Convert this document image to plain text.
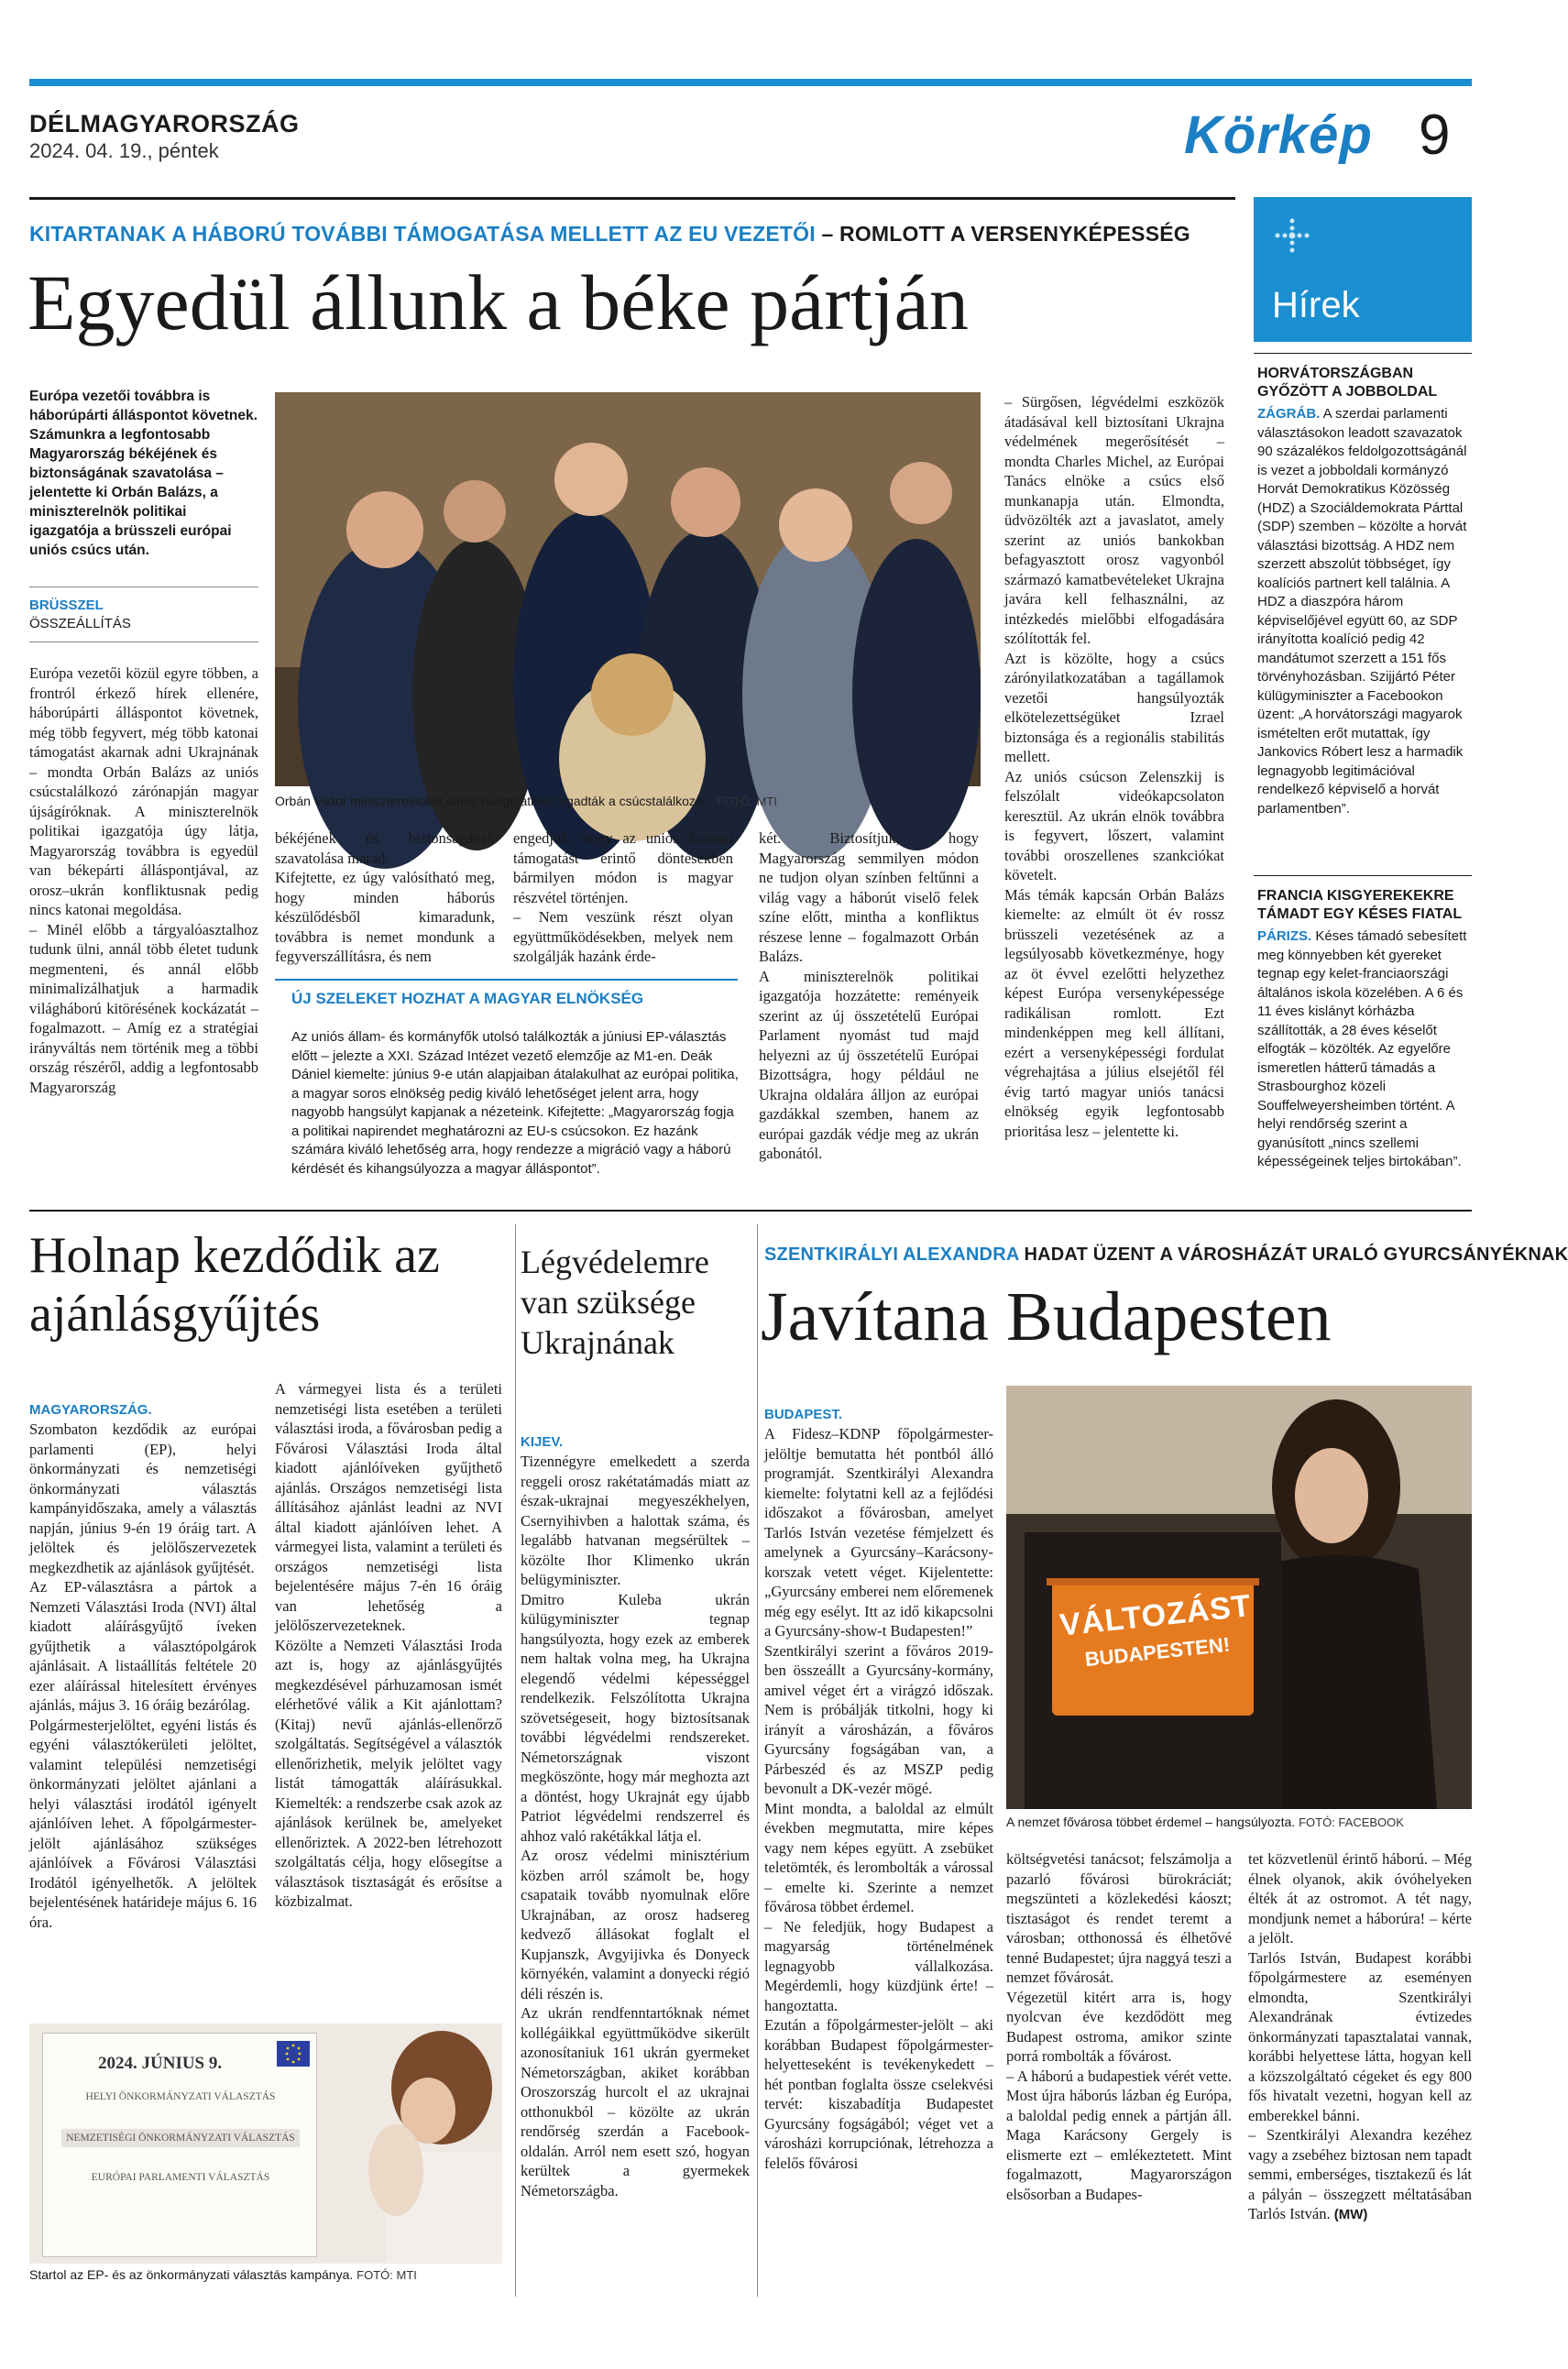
DÉLMAGYARORSZÁG
2024. 04. 19., péntek	Körkép 9
Hírek
HORVÁTORSZÁGBAN GYŐZÖTT A JOBBOLDAL
ZÁGRÁB. A szerdai parlamenti választásokon leadott szavazatok 90 százalékos feldolgozottságánál is vezet a jobboldali kormányzó Horvát Demokratikus Közösség (HDZ) a Szociáldemokrata Párttal (SDP) szemben – közölte a horvát választási bizottság. A HDZ nem szerzett abszolút többséget, így koalíciós partnert kell találnia. A HDZ a diaszpóra három képviselőjével együtt 60, az SDP irányította koalíció pedig 42 mandátumot szerzett a 151 fős törvényhozásban. Szijjártó Péter külügyminiszter a Facebookon üzent: „A horvátországi magyarok ismételten erőt mutattak, így Jankovics Róbert lesz a harmadik legnagyobb legitimációval rendelkező képviselő a horvát parlamentben”.
FRANCIA KISGYEREKEKRE TÁMADT EGY KÉSES FIATAL
PÁRIZS. Késes támadó sebesített meg könnyebben két gyereket tegnap egy kelet-franciaországi általános iskola közelében. A 6 és 11 éves kislányt kórházba szállították, a 28 éves késelőt elfogták – közölték. Az egyelőre ismeretlen hátterű támadás a Strasbourghoz közeli Souffelweyersheimben történt. A helyi rendőrség szerint a gyanúsított „nincs szellemi képességeinek teljes birtokában”.
KITARTANAK A HÁBORÚ TOVÁBBI TÁMOGATÁSA MELLETT AZ EU VEZETŐI – ROMLOTT A VERSENYKÉPESSÉG
Egyedül állunk a béke pártján
Európa vezetői továbbra is háborúpárti álláspontot követnek. Számunkra a legfontosabb Magyarország békéjének és biztonságának szavatolása – jelentette ki Orbán Balázs, a miniszterelnök politikai igazgatója a brüsszeli európai uniós csúcs után.
BRÜSSZEL
ÖSSZEÁLLÍTÁS
Európa vezetői közül egyre többen, a frontról érkező hírek ellenére, háborúpárti álláspontot követnek, még több fegyvert, még több katonai támogatást akarnak adni Ukrajnának – mondta Orbán Balázs az uniós csúcstalálkozó zárónapján magyar újságíróknak. A miniszterelnök politikai igazgatója úgy látja, Magyarország továbbra is egyedül van békepárti álláspontjával, az orosz–ukrán konfliktusnak pedig nincs katonai megoldása.
– Minél előbb a tárgyalóasztalhoz tudunk ülni, annál több életet tudunk megmenteni, és annál előbb minimalizálhatjuk a harmadik világháború kitörésének kockázatát – fogalmazott. – Amíg ez a stratégiai irányváltás nem történik meg a többi ország részéről, addig a legfontosabb Magyarország
Orbán Viktor miniszterelnököt oldott hangulatban fogadták a csúcstalálkozón. FOTÓ: MTI
békéjének és biztonságának szavatolása marad.
Kifejtette, ez úgy valósítható meg, hogy minden háborús készülődésből kimaradunk, továbbra is nemet mondunk a fegyverszállításra, és nem
engedjük, hogy az uniós katonai támogatást érintő döntésekben bármilyen módon is magyar részvétel történjen.
– Nem veszünk részt olyan együttműködésekben, melyek nem szolgálják hazánk érde-
két. Biztosítjuk, hogy Magyarország semmilyen módon ne tudjon olyan színben feltűnni a világ vagy a háborút viselő felek színe előtt, mintha a konfliktus részese lenne – fogalmazott Orbán Balázs.
A miniszterelnök politikai igazgatója hozzátette: reményeik szerint az új összetételű Európai Parlament nyomást tud majd helyezni az új összetételű Európai Bizottságra, hogy például ne Ukrajna oldalára álljon az európai gazdákkal szemben, hanem az európai gazdák védje meg az ukrán gabonától.
– Sürgősen, légvédelmi eszközök átadásával kell biztosítani Ukrajna védelmének megerősítését – mondta Charles Michel, az Európai Tanács elnöke a csúcs első munkanapja után. Elmondta, üdvözölték azt a javaslatot, amely szerint az uniós bankokban befagyasztott orosz vagyonból származó kamatbevételeket Ukrajna javára kell felhasználni, az intézkedés mielőbbi elfogadására szólították fel.
Azt is közölte, hogy a csúcs zárónyilatkozatában a tagállamok vezetői hangsúlyozták elkötelezettségüket Izrael biztonsága és a regionális stabilitás mellett.
Az uniós csúcson Zelenszkij is felszólalt videókapcsolaton keresztül. Az ukrán elnök továbbra is fegyvert, lőszert, valamint további oroszellenes szankciókat követelt.
Más témák kapcsán Orbán Balázs kiemelte: az elmúlt öt év rossz brüsszeli vezetésének az a legsúlyosabb következménye, hogy az öt évvel ezelőtti helyzethez képest Európa versenyképessége radikálisan romlott. Ezt mindenképpen meg kell állítani, ezért a versenyképességi fordulat végrehajtása a július elsejétől fél évig tartó magyar uniós tanácsi elnökség egyik legfontosabb prioritása lesz – jelentette ki.
ÚJ SZELEKET HOZHAT A MAGYAR ELNÖKSÉG
Az uniós állam- és kormányfők utolsó találkozták a júniusi EP-választás előtt – jelezte a XXI. Század Intézet vezető elemzője az M1-en. Deák Dániel kiemelte: június 9-e után alapjaiban átalakulhat az európai politika, a magyar soros elnökség pedig kiváló lehetőséget jelent arra, hogy nagyobb hangsúlyt kapjanak a nézeteink. Kifejtette: „Magyarország fogja a politikai napirendet meghatározni az EU-s csúcsokon. Ez hazánk számára kiváló lehetőség arra, hogy rendezze a migráció vagy a háború kérdését és kihangsúlyozza a magyar álláspontot”.
Holnap kezdődik az ajánlásgyűjtés

MAGYARORSZÁG.
Szombaton kezdődik az európai parlamenti (EP), helyi önkormányzati és nemzetiségi önkormányzati választás kampányidőszaka, amely a választás napján, június 9-én 19 óráig tart. A jelöltek és jelölőszervezetek megkezdhetik az ajánlások gyűjtését.
Az EP-választásra a pártok a Nemzeti Választási Iroda (NVI) által kiadott aláírásgyűjtő íveken gyűjthetik a választópolgárok ajánlásait. A listaállítás feltétele 20 ezer aláírással hitelesített érvényes ajánlás, május 3. 16 óráig bezárólag.
Polgármesterjelöltet, egyéni listás és egyéni választókerületi jelöltet, valamint települési nemzetiségi önkormányzati jelöltet ajánlani a helyi választási irodától igényelt ajánlóíven lehet. A főpolgármester-jelölt ajánlásához szükséges ajánlóívek a Fővárosi Választási Irodától igényelhetők. A jelöltek bejelentésének határideje május 6. 16 óra.

A vármegyei lista és a területi nemzetiségi lista esetében a területi választási iroda, a fővárosban pedig a Fővárosi Választási Iroda által kiadott ajánlóíveken gyűjthető ajánlás. Országos nemzetiségi lista állításához ajánlást leadni az NVI által kiadott ajánlóíven lehet. A vármegyei lista, valamint a területi és országos nemzetiségi lista bejelentésére május 7-én 16 óráig van lehetőség a jelölőszervezeteknek.
Közölte a Nemzeti Választási Iroda azt is, hogy az ajánlásgyűjtés megkezdésével párhuzamosan ismét elérhetővé válik a Kit ajánlottam? (Kitaj) nevű ajánlás-ellenőrző szolgáltatás. Segítségével a választók ellenőrizhetik, melyik jelöltet vagy listát támogatták aláírásukkal. Kiemelték: a rendszerbe csak azok az ajánlások kerülnek be, amelyeket ellenőriztek. A 2022-ben létrehozott szolgáltatás célja, hogy elősegítse a választások tisztaságát és erősítse a közbizalmat.
2024. JÚNIUS 9.
HELYI ÖNKORMÁNYZATI VÁLASZTÁS
NEMZETISÉGI ÖNKORMÁNYZATI VÁLASZTÁS
EURÓPAI PARLAMENTI VÁLASZTÁS
Startol az EP- és az önkormányzati választás kampánya. FOTÓ: MTI
Légvédelemre van szüksége Ukrajnának

KIJEV.
Tizennégyre emelkedett a szerda reggeli orosz rakétatámadás miatt az észak-ukrajnai megyeszékhelyen, Csernyihivben a halottak száma, és legalább hatvanan megsérültek – közölte Ihor Klimenko ukrán belügyminiszter.
Dmitro Kuleba ukrán külügyminiszter tegnap hangsúlyozta, hogy ezek az emberek nem haltak volna meg, ha Ukrajna elegendő védelmi képességgel rendelkezik. Felszólította Ukrajna szövetségeseit, hogy biztosítsanak további légvédelmi rendszereket. Németországnak viszont megköszönte, hogy már meghozta azt a döntést, hogy Ukrajnát egy újabb Patriot légvédelmi rendszerrel és ahhoz való rakétákkal látja el.
Az orosz védelmi minisztérium közben arról számolt be, hogy csapataik tovább nyomulnak előre Ukrajnában, az orosz hadsereg kedvező állásokat foglalt el Kupjanszk, Avgyijivka és Donyeck környékén, valamint a donyecki régió déli részén is.
Az ukrán rendfenntartóknak német kollégáikkal együttműködve sikerült azonosítaniuk 161 ukrán gyermeket Németországban, akiket korábban Oroszország hurcolt el az ukrajnai otthonukból – közölte az ukrán rendőrség szerdán a Facebook-oldalán. Arról nem esett szó, hogyan kerültek a gyermekek Németországba.

SZENTKIRÁLYI ALEXANDRA HADAT ÜZENT A VÁROSHÁZÁT URALÓ GYURCSÁNYÉKNAK
Javítana Budapesten

BUDAPEST.
A Fidesz–KDNP főpolgármester-jelöltje bemutatta hét pontból álló programját. Szentkirályi Alexandra kiemelte: folytatni kell az a fejlődési időszakot a fővárosban, amelyet Tarlós István vezetése fémjelzett és amelynek a Gyurcsány–Karácsony-korszak vetett véget. Kijelentette: „Gyurcsány emberei nem előremenek még egy esélyt. Itt az idő kikapcsolni a Gyurcsány-show-t Budapesten!”
Szentkirályi szerint a főváros 2019-ben összeállt a Gyurcsány-kormány, amivel véget ért a virágzó időszak. Nem is próbálják titkolni, hogy ki irányít a városházán, a főváros Gyurcsány fogságában van, a Párbeszéd és az MSZP pedig bevonult a DK-vezér mögé.
Mint mondta, a baloldal az elmúlt években megmutatta, mire képes vagy nem képes együtt. A zsebüket teletömték, és lerombolták a várossal – emelte ki. Szerinte a nemzet fővárosa többet érdemel.
– Ne feledjük, hogy Budapest a magyarság történelmének legnagyobb vállalkozása. Megérdemli, hogy küzdjünk érte! – hangoztatta.
Ezután a főpolgármester-jelölt – aki korábban Budapest főpolgármester-helyetteseként is tevékenykedett – hét pontban foglalta össze cselekvési tervét: kiszabadítja Budapestet Gyurcsány fogságából; véget vet a városházi korrupciónak, létrehozza a felelős fővárosi

VÁLTOZÁST
BUDAPESTEN!
A nemzet fővárosa többet érdemel – hangsúlyozta. FOTÓ: FACEBOOK
költségvetési tanácsot; felszámolja a pazarló fővárosi bürokráciát; megszünteti a közlekedési káoszt; tisztaságot és rendet teremt a városban; otthonossá és élhetővé tenné Budapestet; újra naggyá teszi a nemzet fővárosát.
Végezetül kitért arra is, hogy nyolcvan éve kezdődött meg Budapest ostroma, amikor szinte porrá rombolták a fővárost.
– A háború a budapestiek vérét vette. Most újra háborús lázban ég Európa, a baloldal pedig ennek a pártján áll. Maga Karácsony Gergely is elismerte ezt – emlékeztetett. Mint fogalmazott, Magyarországon elsősorban a Budapes-
tet közvetlenül érintő háború. – Még élnek olyanok, akik óvóhelyeken élték át az ostromot. A tét nagy, mondjunk nemet a háborúra! – kérte a jelölt.
Tarlós István, Budapest korábbi főpolgármestere az eseményen elmondta, Szentkirályi Alexandrának évtizedes önkormányzati tapasztalatai vannak, korábbi helyettese látta, hogyan kell a közszolgáltató cégeket és egy 800 fős hivatalt vezetni, hogyan kell az emberekkel bánni.
– Szentkirályi Alexandra kezéhez vagy a zsebéhez biztosan nem tapadt semmi, emberséges, tisztakezű és lát a pályán – összegzett méltatásában Tarlós István. (MW)
